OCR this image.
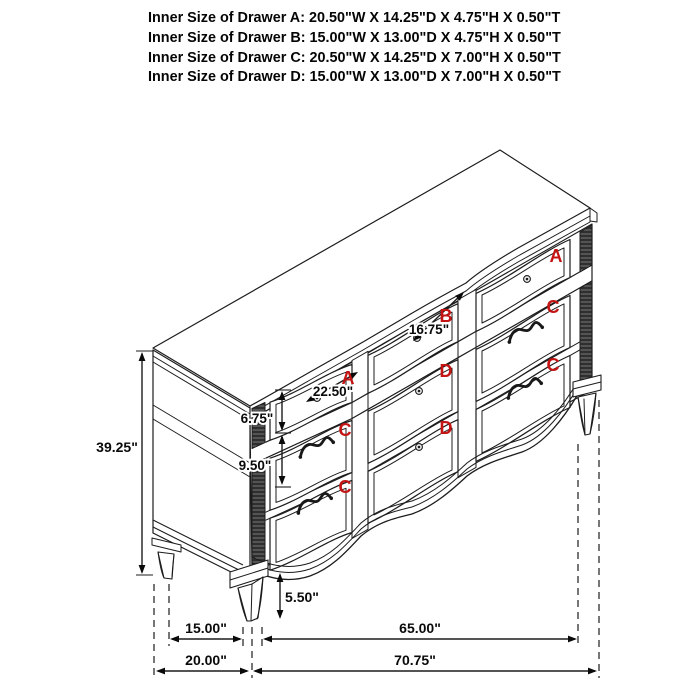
Inner Size of Drawer A: 20.50"W X 14.25"D X 4.75"H X 0.50"T
Inner Size of Drawer B: 15.00"W X 13.00"D X 4.75"H X 0.50"T
Inner Size of Drawer C: 20.50"W X 14.25"D X 7.00"H X 0.50"T
Inner Size of Drawer D: 15.00"W X 13.00"D X 7.00"H X 0.50"T
A
C
C
B
D
D
A
C
C
39.25"
6.75"
9.50"
22.50"
16.75"
5.50"
15.00"	65.00"
20.00"	70.75"
